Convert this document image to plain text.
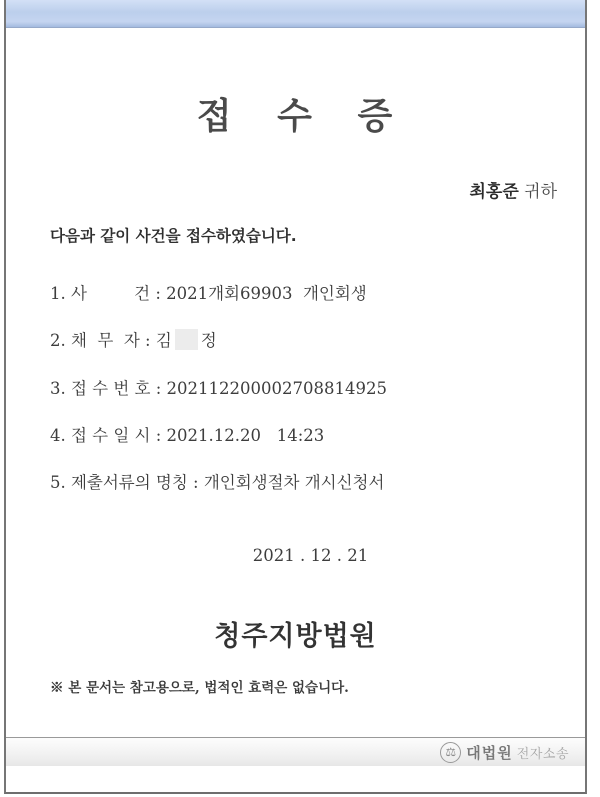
접   수   증
최홍준 귀하
다음과 같이 사건을 접수하였습니다.
1. 사         건 : 2021개회69903  개인회생
2. 채  무  자 : 김 정
3. 접 수 번 호 : 202112200002708814925
4. 접 수 일 시 : 2021.12.20   14:23
5. 제출서류의 명칭 : 개인회생절차 개시신청서
2021 . 12 . 21
청주지방법원
※ 본 문서는 참고용으로, 법적인 효력은 없습니다.
⚖ 대법원 전자소송
